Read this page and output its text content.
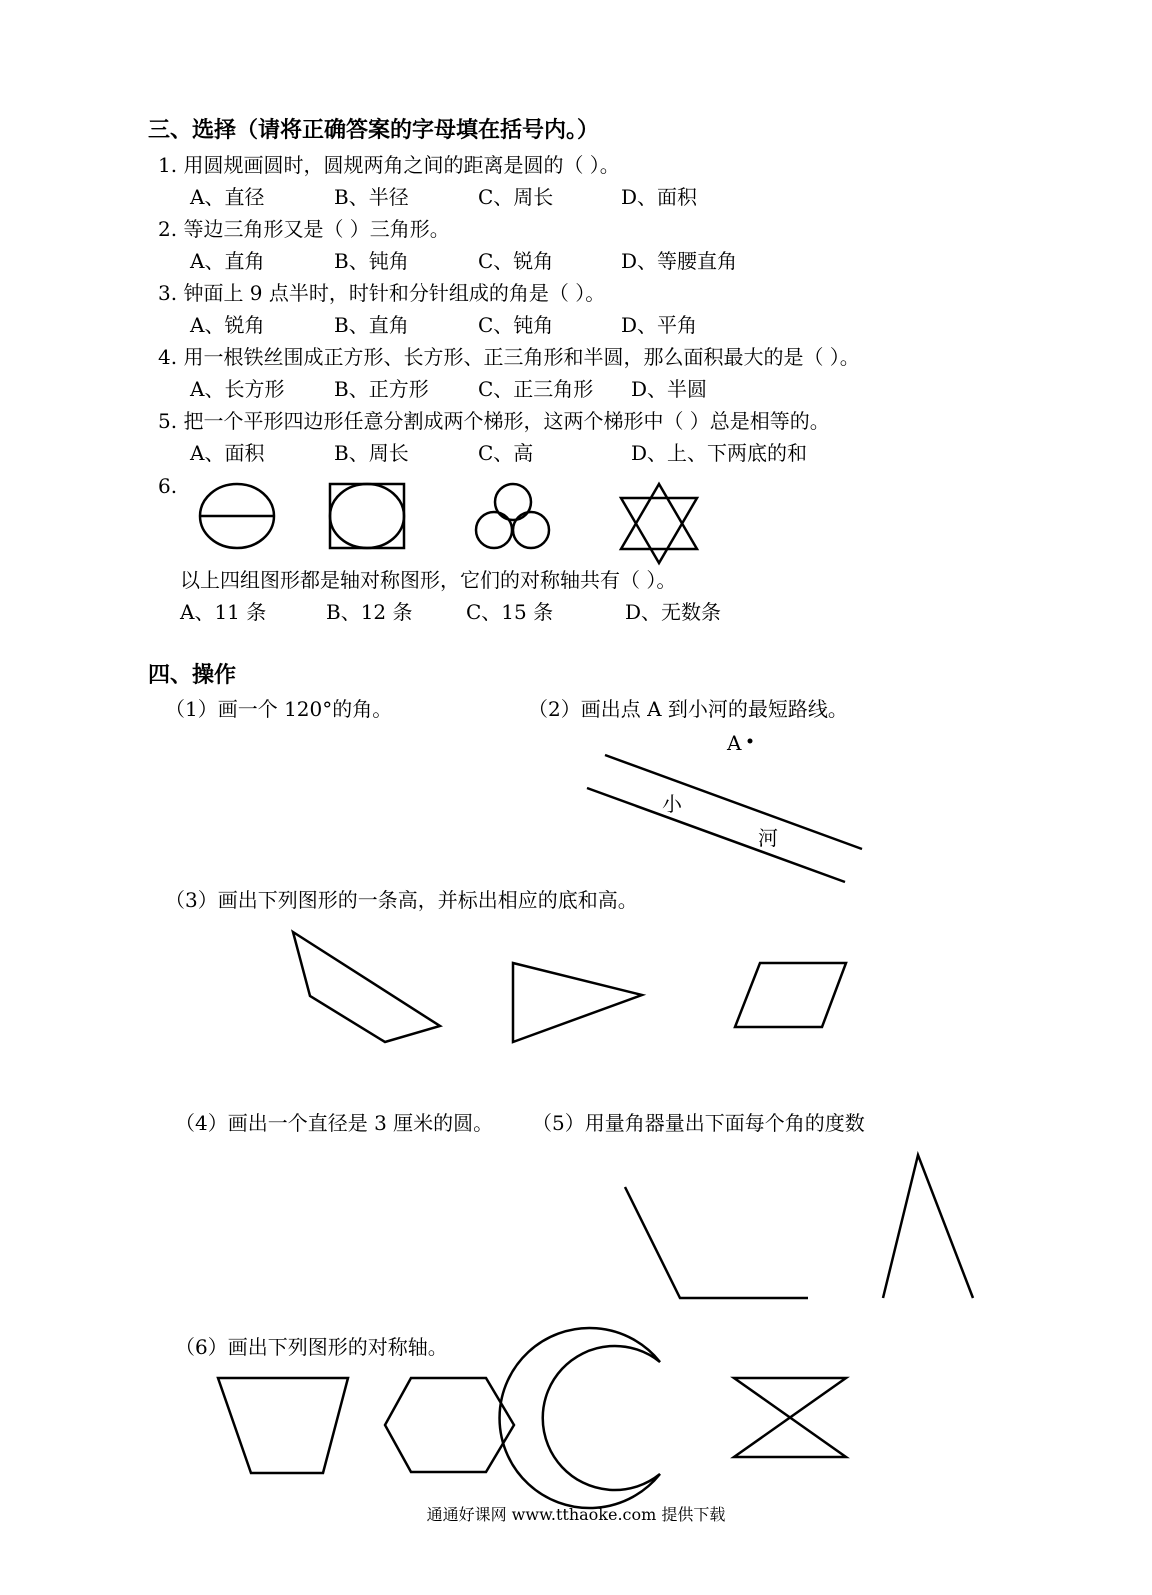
三、选择（请将正确答案的字母填在括号内。）
1. 用圆规画圆时，圆规两角之间的距离是圆的（ ）。
A、直径	B、半径	C、周长	D、面积
2. 等边三角形又是（ ）三角形。
A、直角	B、钝角	C、锐角	D、等腰直角
3. 钟面上 9 点半时，时针和分针组成的角是（ ）。
A、锐角	B、直角	C、钝角	D、平角
4. 用一根铁丝围成正方形、长方形、正三角形和半圆，那么面积最大的是（ ）。
A、长方形 B、正方形 C、正三角形 D、半圆
5. 把一个平形四边形任意分割成两个梯形，这两个梯形中（ ）总是相等的。
A、面积	B、周长	C、高	D、上、下两底的和
6.
以上四组图形都是轴对称图形，它们的对称轴共有（ ）。
A、11 条	B、12 条	C、15 条	D、无数条
四、操作
（1）画一个 120°的角。	（2）画出点 A 到小河的最短路线。
A
小
河
（3）画出下列图形的一条高，并标出相应的底和高。
（4）画出一个直径是 3 厘米的圆。 （5）用量角器量出下面每个角的度数
（6）画出下列图形的对称轴。
通通好课网 www.tthaoke.com 提供下载
